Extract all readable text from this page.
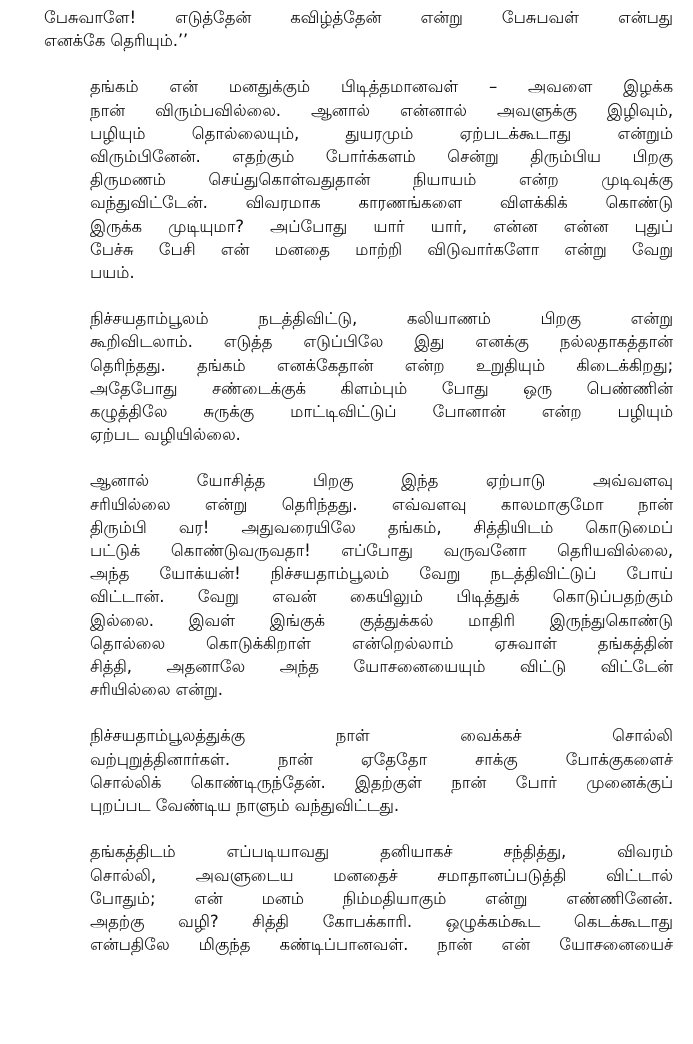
பேசுவாளே! எடுத்தேன் கவிழ்த்தேன் என்று பேசுபவள் என்பது
எனக்கே தெரியும்.’’

தங்கம் என் மனதுக்கும் பிடித்தமானவள் – அவளை இழக்க
நான் விரும்பவில்லை. ஆனால் என்னால் அவளுக்கு இழிவும்,
பழியும் தொல்லையும், துயரமும் ஏற்படக்கூடாது என்றும்
விரும்பினேன். எதற்கும் போர்க்களம் சென்று திரும்பிய பிறகு
திருமணம் செய்துகொள்வதுதான் நியாயம் என்ற முடிவுக்கு
வந்துவிட்டேன். விவரமாக காரணங்களை விளக்கிக் கொண்டு
இருக்க முடியுமா? அப்போது யார் யார், என்ன என்ன புதுப்
பேச்சு பேசி என் மனதை மாற்றி விடுவார்களோ என்று வேறு
பயம்.

நிச்சயதாம்பூலம் நடத்திவிட்டு, கலியாணம் பிறகு என்று
கூறிவிடலாம். எடுத்த எடுப்பிலே இது எனக்கு நல்லதாகத்தான்
தெரிந்தது. தங்கம் எனக்கேதான் என்ற உறுதியும் கிடைக்கிறது;
அதேபோது சண்டைக்குக் கிளம்பும் போது ஒரு பெண்ணின்
கழுத்திலே சுருக்கு மாட்டிவிட்டுப் போனான் என்ற பழியும்
ஏற்பட வழியில்லை.

ஆனால் யோசித்த பிறகு இந்த ஏற்பாடு அவ்வளவு
சரியில்லை என்று தெரிந்தது. எவ்வளவு காலமாகுமோ நான்
திரும்பி வர! அதுவரையிலே தங்கம், சித்தியிடம் கொடுமைப்
பட்டுக் கொண்டுவருவதா! எப்போது வருவனோ தெரியவில்லை,
அந்த யோக்யன்! நிச்சயதாம்பூலம் வேறு நடத்திவிட்டுப் போய்
விட்டான். வேறு எவன் கையிலும் பிடித்துக் கொடுப்பதற்கும்
இல்லை. இவள் இங்குக் குத்துக்கல் மாதிரி இருந்துகொண்டு
தொல்லை கொடுக்கிறாள் என்றெல்லாம் ஏசுவாள் தங்கத்தின்
சித்தி, அதனாலே அந்த யோசனையையும் விட்டு விட்டேன்
சரியில்லை என்று.

நிச்சயதாம்பூலத்துக்கு நாள் வைக்கச் சொல்லி
வற்புறுத்தினார்கள். நான் ஏதேதோ சாக்கு போக்குகளைச்
சொல்லிக் கொண்டிருந்தேன். இதற்குள் நான் போர் முனைக்குப்
புறப்பட வேண்டிய நாளும் வந்துவிட்டது.

தங்கத்திடம் எப்படியாவது தனியாகச் சந்தித்து, விவரம்
சொல்லி, அவளுடைய மனதைச் சமாதானப்படுத்தி விட்டால்
போதும்; என் மனம் நிம்மதியாகும் என்று எண்ணினேன்.
அதற்கு வழி? சித்தி கோபக்காரி. ஒழுக்கம்கூட கெடக்கூடாது
என்பதிலே மிகுந்த கண்டிப்பானவள். நான் என் யோசனையைச்
